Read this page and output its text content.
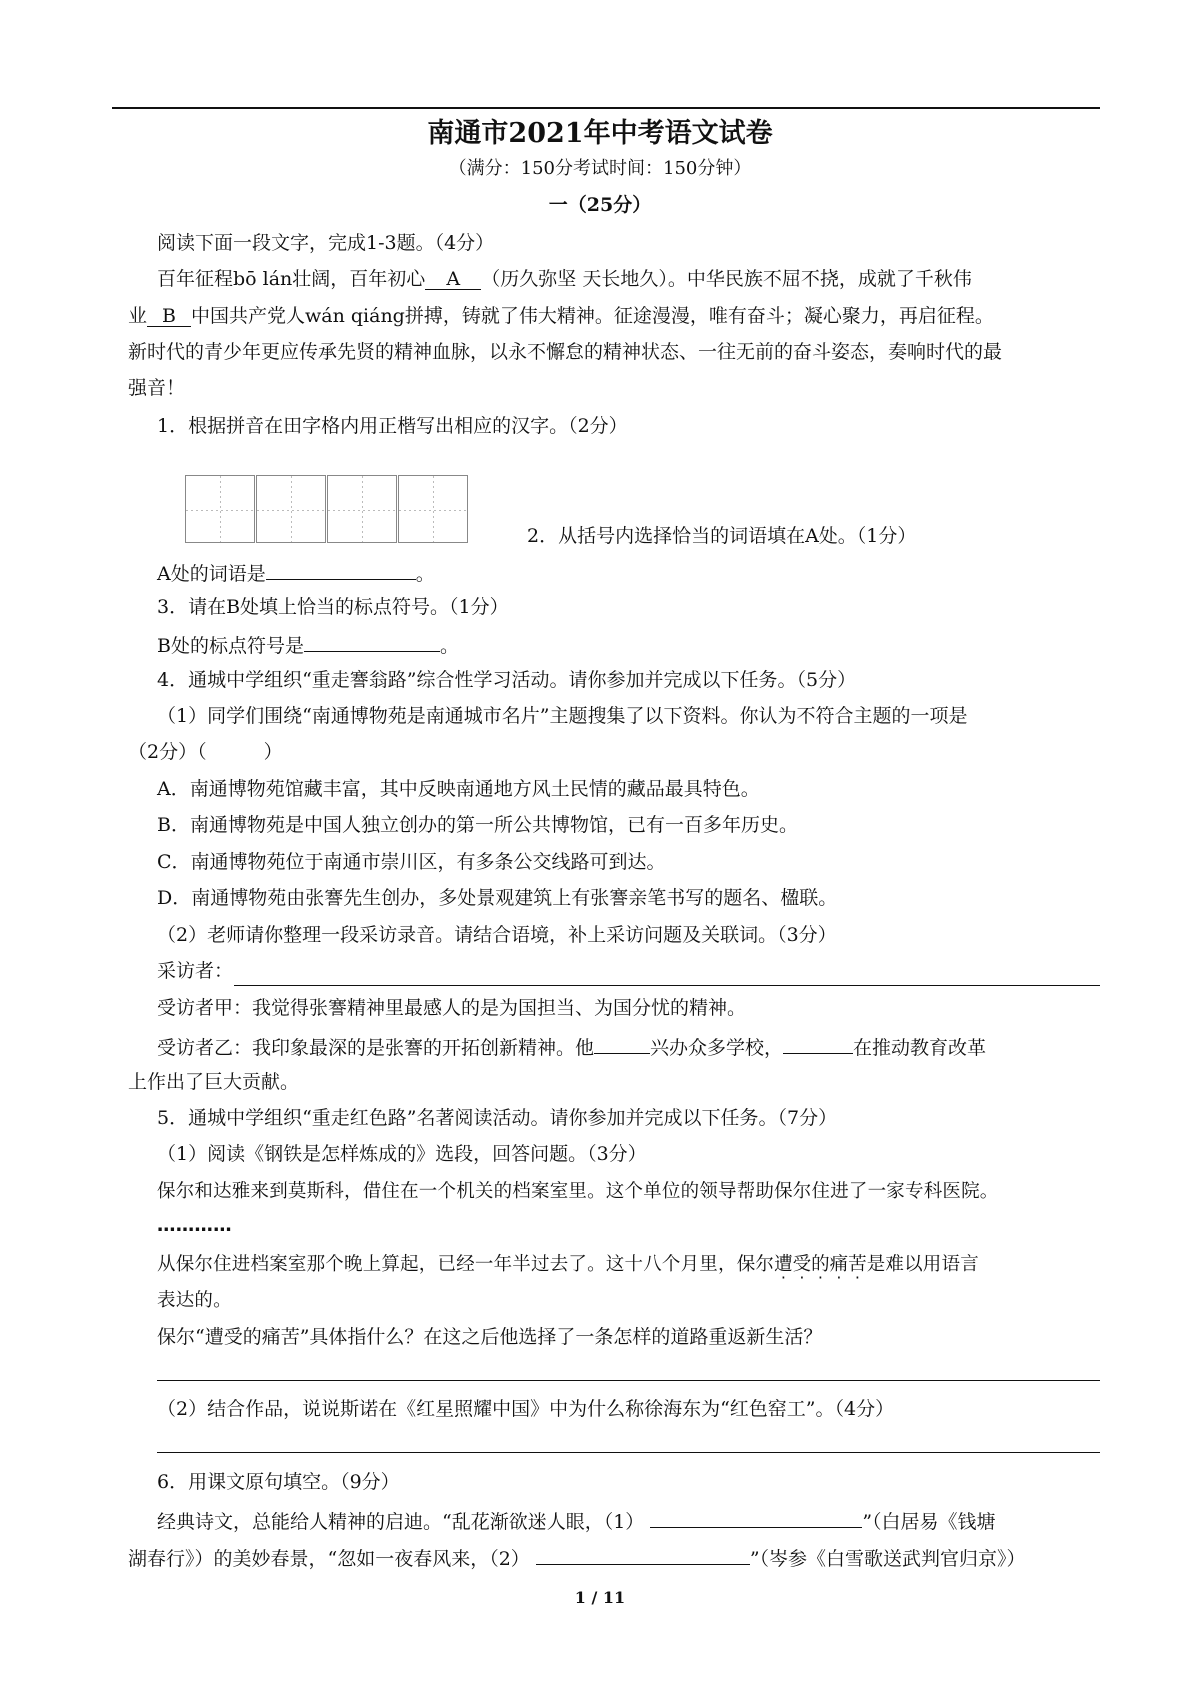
南通市2021年中考语文试卷
（满分：150分考试时间：150分钟）
一（25分）
阅读下面一段文字，完成1-3题。（4分）
百年征程bō lán壮阔，百年初心 A （历久弥坚 天长地久）。中华民族不屈不挠，成就了千秋伟
业 B 中国共产党人wán qiáng拼搏，铸就了伟大精神。征途漫漫，唯有奋斗；凝心聚力，再启征程。
新时代的青少年更应传承先贤的精神血脉，以永不懈怠的精神状态、一往无前的奋斗姿态，奏响时代的最
强音！
1．根据拼音在田字格内用正楷写出相应的汉字。（2分）
2．从括号内选择恰当的词语填在A处。（1分）
A处的词语是	。
3．请在B处填上恰当的标点符号。（1分）
B处的标点符号是	。
4．通城中学组织“重走謇翁路”综合性学习活动。请你参加并完成以下任务。（5分）
（1）同学们围绕“南通博物苑是南通城市名片”主题搜集了以下资料。你认为不符合主题的一项是
（2分）（　　　）
A．南通博物苑馆藏丰富，其中反映南通地方风土民情的藏品最具特色。
B．南通博物苑是中国人独立创办的第一所公共博物馆，已有一百多年历史。
C．南通博物苑位于南通市崇川区，有多条公交线路可到达。
D．南通博物苑由张謇先生创办，多处景观建筑上有张謇亲笔书写的题名、楹联。
（2）老师请你整理一段采访录音。请结合语境，补上采访问题及关联词。（3分）
采访者：
受访者甲：我觉得张謇精神里最感人的是为国担当、为国分忧的精神。
受访者乙：我印象最深的是张謇的开拓创新精神。他	兴办众多学校，	在推动教育改革
上作出了巨大贡献。
5．通城中学组织“重走红色路”名著阅读活动。请你参加并完成以下任务。（7分）
（1）阅读《钢铁是怎样炼成的》选段，回答问题。（3分）
保尔和达雅来到莫斯科，借住在一个机关的档案室里。这个单位的领导帮助保尔住进了一家专科医院。
…………
从保尔住进档案室那个晚上算起，已经一年半过去了。这十八个月里，保尔遭受的痛苦是难以用语言
表达的。
保尔“遭受的痛苦”具体指什么？在这之后他选择了一条怎样的道路重返新生活？
（2）结合作品，说说斯诺在《红星照耀中国》中为什么称徐海东为“红色窑工”。（4分）
6．用课文原句填空。（9分）
经典诗文，总能给人精神的启迪。“乱花渐欲迷人眼，（1）	”（白居易《钱塘
湖春行》）的美妙春景，“忽如一夜春风来，（2）	”（岑参《白雪歌送武判官归京》）
1 / 11
